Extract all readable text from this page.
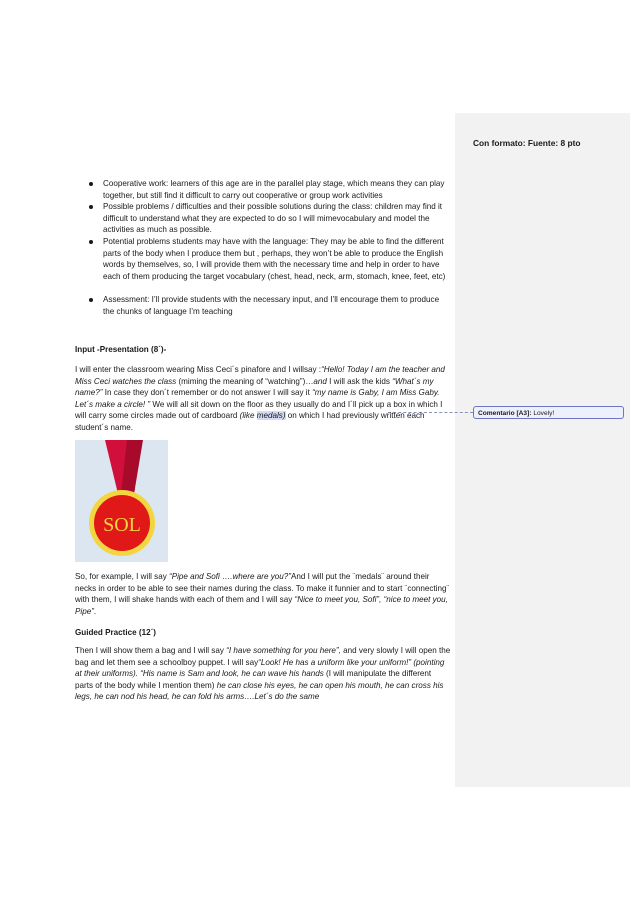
Con formato: Fuente: 8 pto
Comentario [A3]: Lovely!
Cooperative work: learners of this age are in the parallel play stage, which means they can play together, but still find it difficult to carry out cooperative or group work activities
Possible problems / difficulties and their possible solutions during the class: children may find it difficult to understand what they are expected to do so I will mimevocabulary and model the activities as much as possible.
Potential problems students may have with the language: They may be able to find the different parts of the body when I produce them but , perhaps, they won’t be able to produce the English words by themselves, so, I will provide them with the necessary time and help in order to have each of them producing the target vocabulary (chest, head, neck, arm, stomach, knee, feet, etc)
Assessment: I’ll provide students with the necessary input, and I’ll encourage them to produce the chunks of language I’m teaching
Input -Presentation (8´)-
I will enter the classroom wearing Miss Ceci´s pinafore and I willsay :“Hello! Today I am the teacher and Miss Ceci watches the class (miming the meaning of “watching”)…and I will ask the kids “What´s my name?” In case they don´t remember or do not answer I will say it “my name is Gaby, I am Miss Gaby. Let´s make a circle! ” We will all sit down on the floor as they usually do and I´ll pick up a box in which I will carry some circles made out of cardboard (like medals) on which I had previously written each student´s name.
SOL
So, for example, I will say “Pipe and Sofi ….where are you?”And I will put the ¨medals¨ around their necks in order to be able to see their names during the class. To make it funnier and to start ¨connecting¨ with them, I will shake hands with each of them and I will say “Nice to meet you, Sofi”, “nice to meet you, Pipe”.
Guided Practice (12´)
Then I will show them a bag and I will say “I have something for you here”, and very slowly I will open the bag and let them see a schoolboy puppet. I will say“Look! He has a uniform like your uniform!” (pointing at their uniforms). “His name is Sam and look, he can wave his hands (I will manipulate the different parts of the body while I mention them) he can close his eyes, he can open his mouth, he can cross his legs, he can nod his head, he can fold his arms….Let´s do the same
